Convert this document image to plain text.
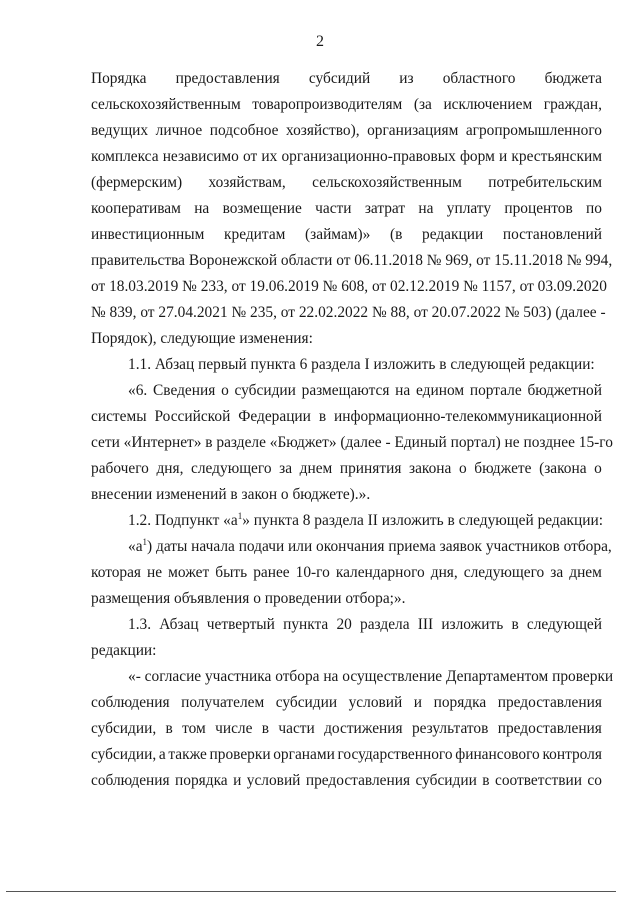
2
Порядка предоставления субсидий из областного бюджета
сельскохозяйственным товаропроизводителям (за исключением граждан,
ведущих личное подсобное хозяйство), организациям агропромышленного
комплекса независимо от их организационно-правовых форм и крестьянским
(фермерским) хозяйствам, сельскохозяйственным потребительским
кооперативам на возмещение части затрат на уплату процентов по
инвестиционным кредитам (займам)» (в редакции постановлений
правительства Воронежской области от 06.11.2018 № 969, от 15.11.2018 № 994,
от 18.03.2019 № 233, от 19.06.2019 № 608, от 02.12.2019 № 1157, от 03.09.2020
№ 839, от 27.04.2021 № 235, от 22.02.2022 № 88, от 20.07.2022 № 503) (далее -
Порядок), следующие изменения:
1.1. Абзац первый пункта 6 раздела I изложить в следующей редакции:
«6. Сведения о субсидии размещаются на едином портале бюджетной
системы Российской Федерации в информационно-телекоммуникационной
сети «Интернет» в разделе «Бюджет» (далее - Единый портал) не позднее 15-го
рабочего дня, следующего за днем принятия закона о бюджете (закона о
внесении изменений в закон о бюджете).».
1.2. Подпункт «$а^1$» пункта 8 раздела II изложить в следующей редакции:
«$а^1$) даты начала подачи или окончания приема заявок участников отбора,
которая не может быть ранее 10-го календарного дня, следующего за днем
размещения объявления о проведении отбора;».
1.3. Абзац четвертый пункта 20 раздела III изложить в следующей
редакции:
«- согласие участника отбора на осуществление Департаментом проверки
соблюдения получателем субсидии условий и порядка предоставления
субсидии, в том числе в части достижения результатов предоставления
субсидии, а также проверки органами государственного финансового контроля
соблюдения порядка и условий предоставления субсидии в соответствии со
